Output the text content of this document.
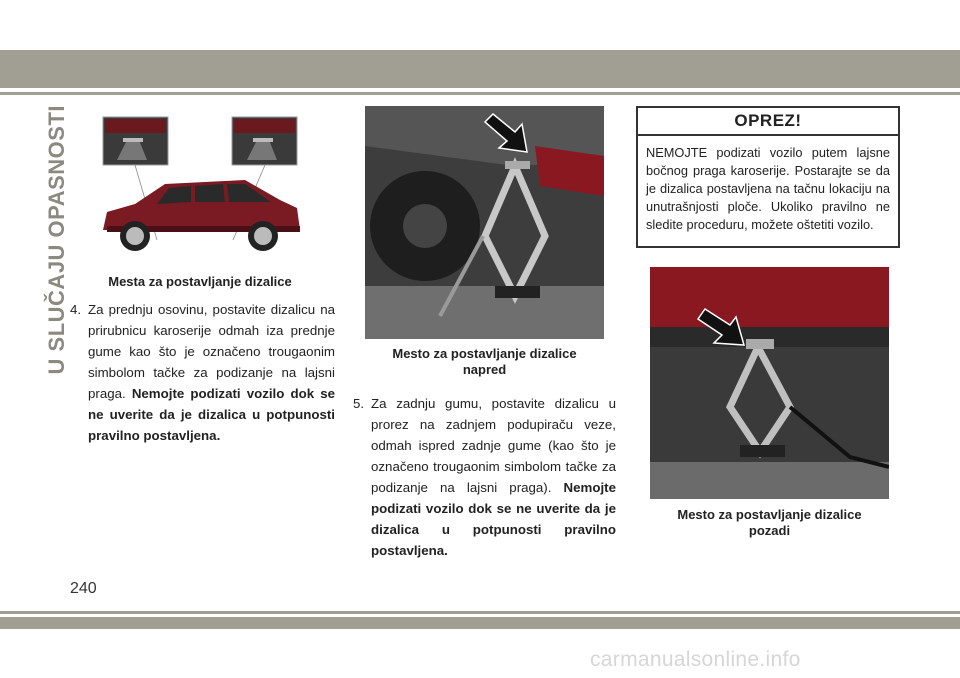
U SLUČAJU OPASNOSTI	Mesta za postavljanje dizalice
4. Za prednju osovinu, postavite dizalicu na prirubnicu karoserije odmah iza prednje gume kao što je označeno trougaonim simbolom tačke za podizanje na lajsni praga. Nemojte podizati vozilo dok se ne uverite da je dizalica u potpunosti pravilno postavljena.
Mesto za postavljanje dizalice
napred
5. Za zadnju gumu, postavite dizalicu u prorez na zadnjem podupiraču veze, odmah ispred zadnje gume (kao što je označeno trougaonim simbolom tačke za podizanje na lajsni praga). Nemojte podizati vozilo dok se ne uverite da je dizalica u potpunosti pravilno postavljena.
OPREZ!
NEMOJTE podizati vozilo putem lajsne bočnog praga karoserije. Postarajte se da je dizalica postavljena na tačnu lokaciju na unutrašnjosti ploče. Ukoliko pravilno ne sledite proceduru, možete oštetiti vozilo.
Mesto za postavljanje dizalice
pozadi
240
carmanualsonline.info
